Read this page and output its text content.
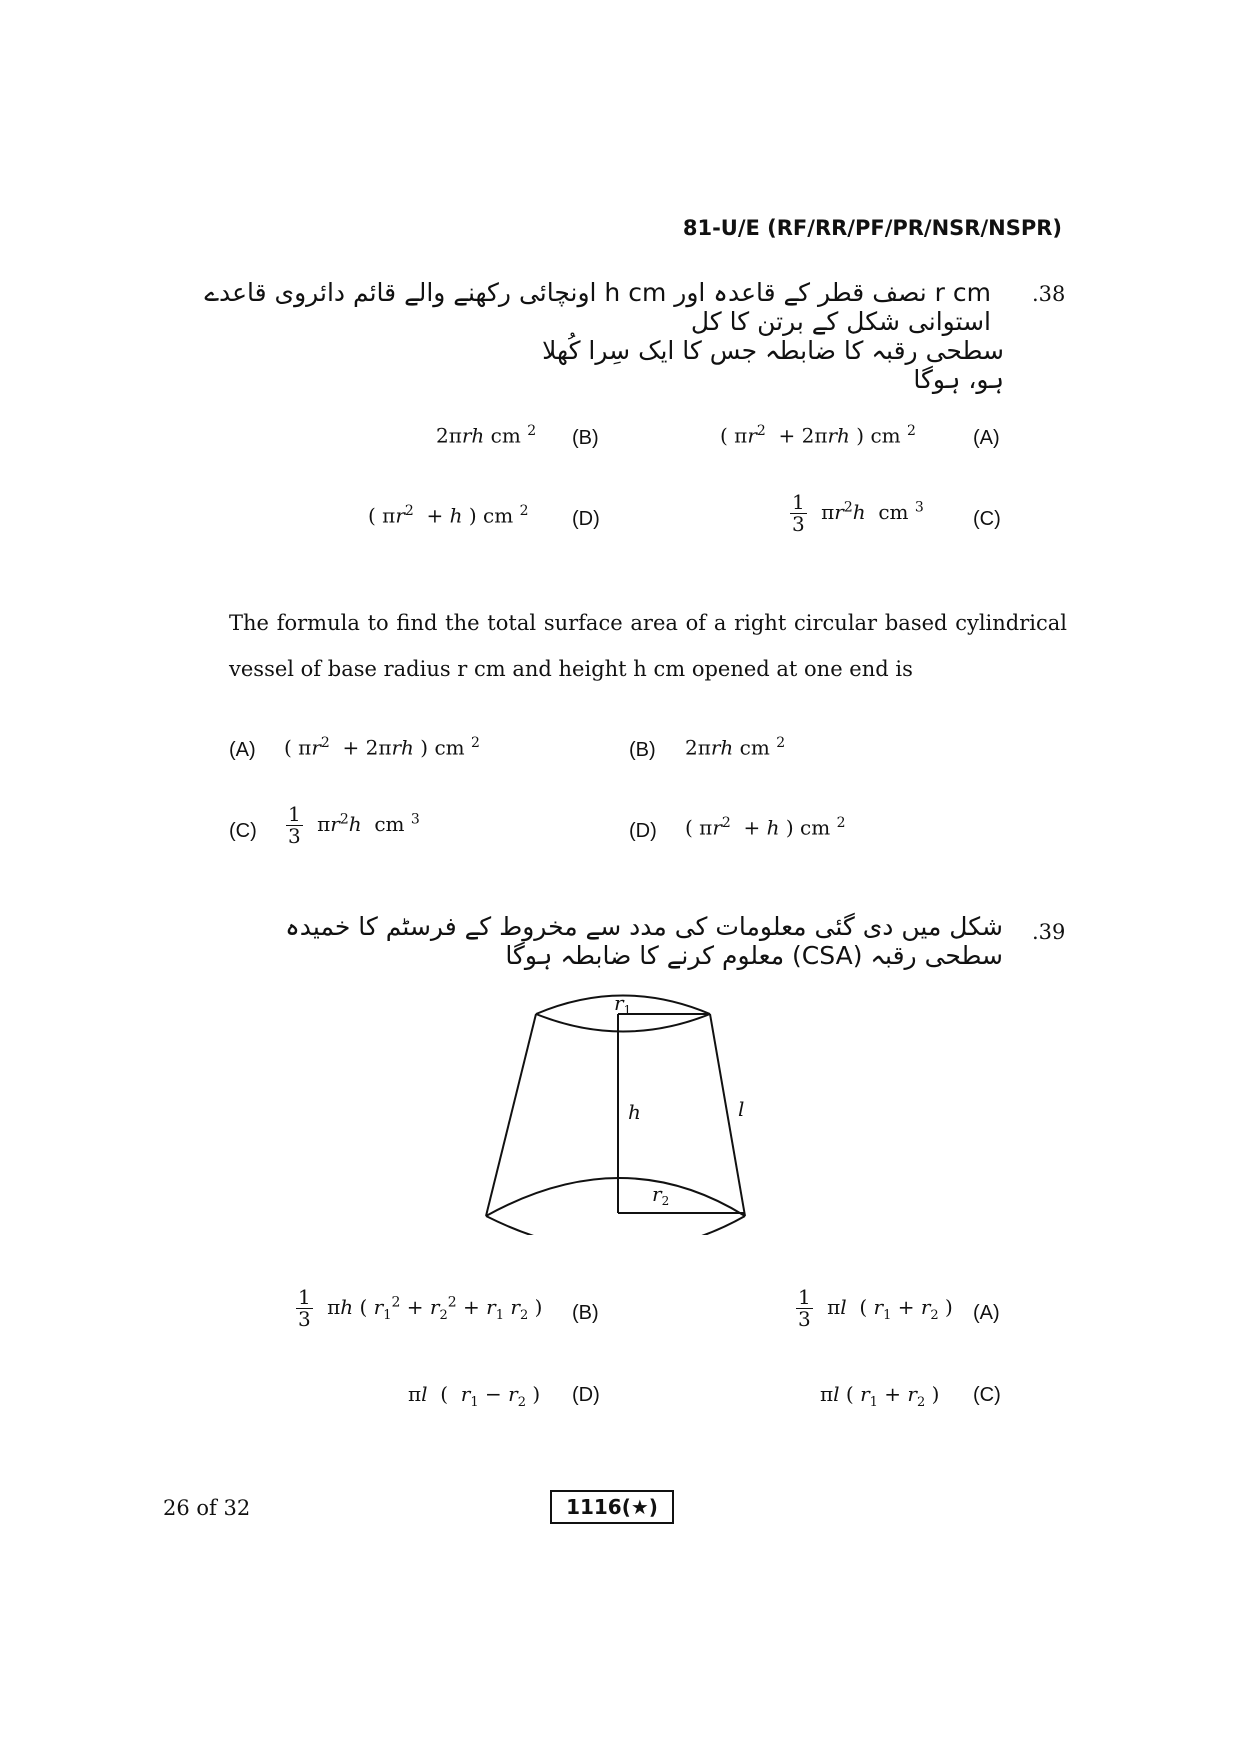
81-U/E (RF/RR/PF/PR/NSR/NSPR)
.38
r cm نصف قطر کے قاعدہ اور h cm اونچائی رکھنے والے قائم دائروی قاعدے استوانی شکل کے برتن کا کل
سطحی رقبہ کا ضابطہ جس کا ایک سِرا کُھلا ہو، ہوگا
( $\pi r^2 + 2\pi rh$ ) cm $^2$	(A)
2πrh cm $^2$ (B)
$\frac{1}{3} \pi r^2h$  cm $^3$
(C)
( $\pi r^2 + h$ ) cm $^2$ (D)
The formula to find the total surface area of a right circular based cylindrical vessel of base radius r cm and height h cm opened at one end is
(A) ( $\pi r^2 + 2\pi rh$ ) cm $^2$	(B) 2πrh cm $^2$
$(C) \frac{1}{3} \pi r^2h$  cm $^3$
(D) ( $\pi r^2 + h$ ) cm $^2$
.39
شکل میں دی گئی معلومات کی مدد سے مخروط کے فرسٹم کا خمیدہ سطحی رقبہ (CSA) معلوم کرنے کا ضابطہ ہوگا
$r_1$
h	l
$r_2$
$\frac{1}{3}$ πl  ( $r_1 + r_2$ ) (A)
$\frac{1}{3}$ πh ( $r_1^2 + r_2^2 + r_1$ $r_2$ ) (B)
πl ( $r_1 + r_2$ ) (C)
πl  (  $r_1 - r_2$ ) (D)
26 of 32	1116(★)
